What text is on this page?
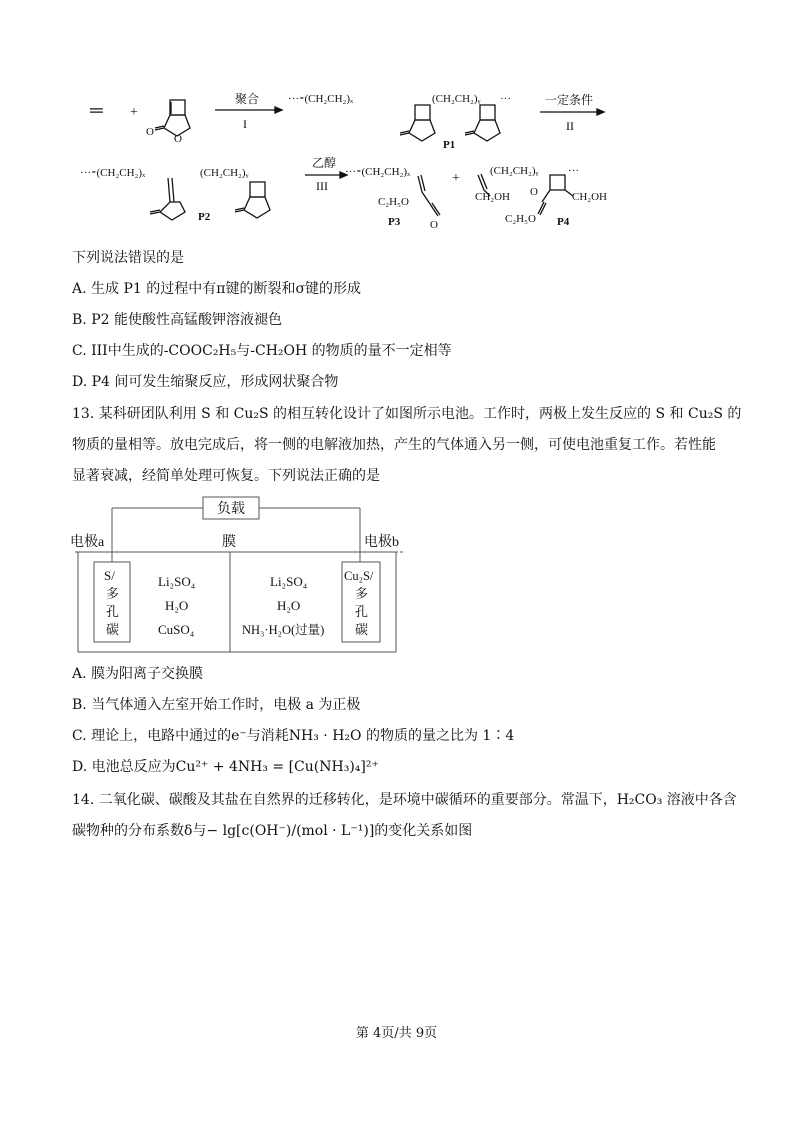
═ +
O
O
聚合
I
···⁃(CH₂CH₂)ₓ	(CH₂CH₂)ᵧ ···
P1
一定条件
II
···⁃(CH₂CH₂)ₓ	(CH₂CH₂)ᵧ
P2
乙醇
III
···⁃(CH₂CH₂)ₓ
C₂H₅O
O
P3
+	(CH₂CH₂)ᵧ	···
CH₂OH	CH₂OH
O
C₂H₅O P4
下列说法错误的是
A. 生成 P1 的过程中有π键的断裂和σ键的形成
B. P2 能使酸性高锰酸钾溶液褪色
C. III中生成的-COOC₂H₅与-CH₂OH 的物质的量不一定相等
D. P4 间可发生缩聚反应，形成网状聚合物
13. 某科研团队利用 S 和 Cu₂S 的相互转化设计了如图所示电池。工作时，两极上发生反应的 S 和 Cu₂S 的
物质的量相等。放电完成后，将一侧的电解液加热，产生的气体通入另一侧，可使电池重复工作。若性能
显著衰减，经简单处理可恢复。下列说法正确的是
负载
电极a	膜	电极b
S/
多
孔
碳
Li₂SO₄
H₂O
CuSO₄
Li₂SO₄
H₂O
NH₃·H₂O(过量)
Cu₂S/
多
孔
碳
A. 膜为阳离子交换膜
B. 当气体通入左室开始工作时，电极 a 为正极
C. 理论上，电路中通过的e⁻与消耗NH₃ · H₂O 的物质的量之比为 1∶4
D. 电池总反应为Cu²⁺ + 4NH₃ = [Cu(NH₃)₄]²⁺
14. 二氧化碳、碳酸及其盐在自然界的迁移转化，是环境中碳循环的重要部分。常温下，H₂CO₃ 溶液中各含
碳物种的分布系数δ与− lg[c(OH⁻)/(mol · L⁻¹)]的变化关系如图
第 4页/共 9页
